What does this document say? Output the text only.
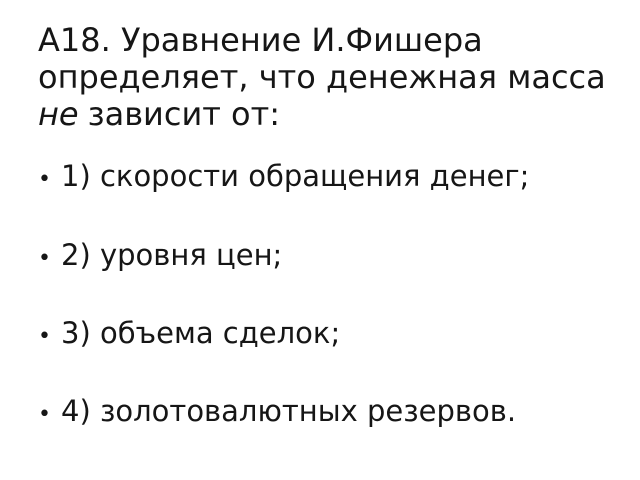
А18. Уравнение И.Фишера
определяет, что денежная масса
не зависит от:
• 1) скорости обращения денег;
• 2) уровня цен;
• 3) объема сделок;
• 4) золотовалютных резервов.
